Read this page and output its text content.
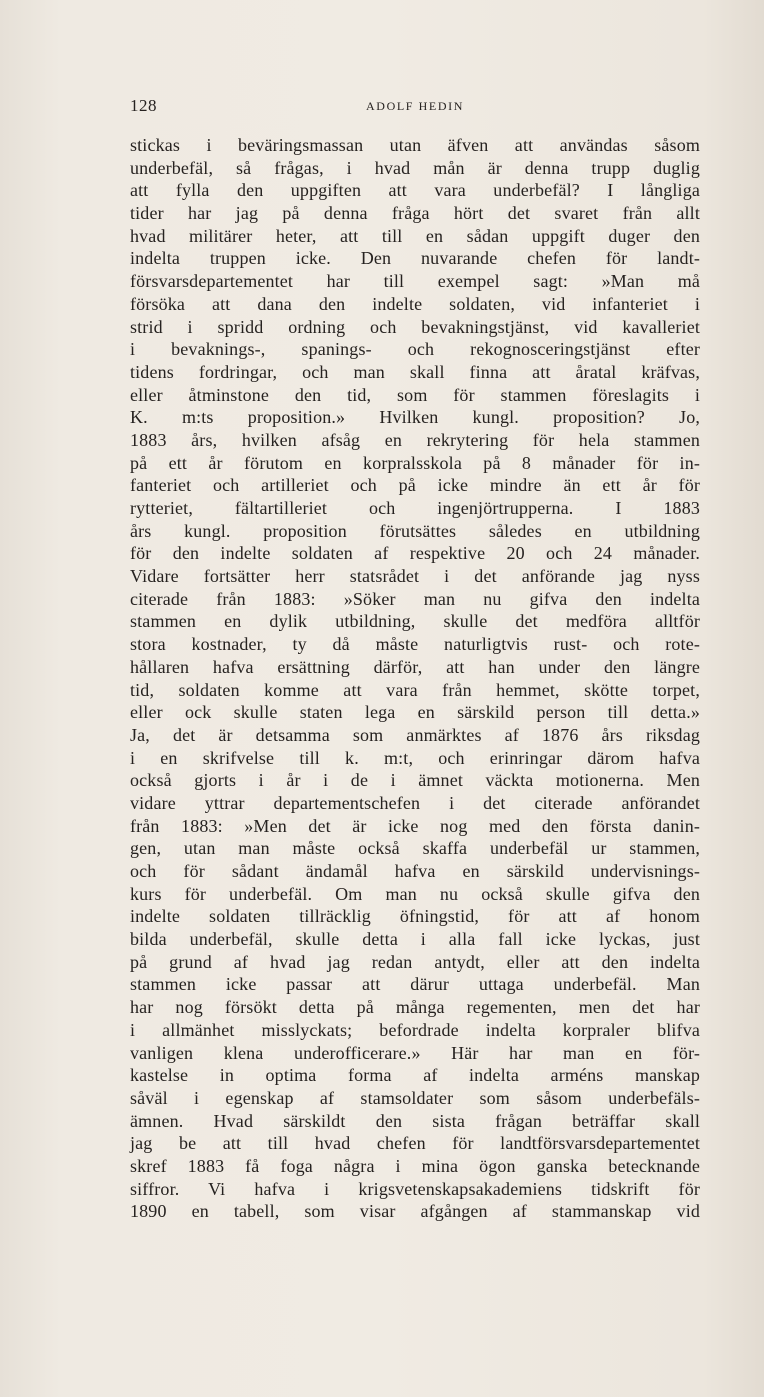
128	ADOLF HEDIN
stickas i beväringsmassan utan äfven att användas såsom
underbefäl, så frågas, i hvad mån är denna trupp duglig
att fylla den uppgiften att vara underbefäl? I långliga
tider har jag på denna fråga hört det svaret från allt
hvad militärer heter, att till en sådan uppgift duger den
indelta truppen icke. Den nuvarande chefen för landt-
försvarsdepartementet har till exempel sagt: »Man må
försöka att dana den indelte soldaten, vid infanteriet i
strid i spridd ordning och bevakningstjänst, vid kavalleriet
i bevaknings-, spanings- och rekognosceringstjänst efter
tidens fordringar, och man skall finna att åratal kräfvas,
eller åtminstone den tid, som för stammen föreslagits i
K. m:ts proposition.» Hvilken kungl. proposition? Jo,
1883 års, hvilken afsåg en rekrytering för hela stammen
på ett år förutom en korpralsskola på 8 månader för in-
fanteriet och artilleriet och på icke mindre än ett år för
rytteriet, fältartilleriet och ingenjörtrupperna. I 1883
års kungl. proposition förutsättes således en utbildning
för den indelte soldaten af respektive 20 och 24 månader.
Vidare fortsätter herr statsrådet i det anförande jag nyss
citerade från 1883: »Söker man nu gifva den indelta
stammen en dylik utbildning, skulle det medföra alltför
stora kostnader, ty då måste naturligtvis rust- och rote-
hållaren hafva ersättning därför, att han under den längre
tid, soldaten komme att vara från hemmet, skötte torpet,
eller ock skulle staten lega en särskild person till detta.»
Ja, det är detsamma som anmärktes af 1876 års riksdag
i en skrifvelse till k. m:t, och erinringar därom hafva
också gjorts i år i de i ämnet väckta motionerna. Men
vidare yttrar departementschefen i det citerade anförandet
från 1883: »Men det är icke nog med den första danin-
gen, utan man måste också skaffa underbefäl ur stammen,
och för sådant ändamål hafva en särskild undervisnings-
kurs för underbefäl. Om man nu också skulle gifva den
indelte soldaten tillräcklig öfningstid, för att af honom
bilda underbefäl, skulle detta i alla fall icke lyckas, just
på grund af hvad jag redan antydt, eller att den indelta
stammen icke passar att därur uttaga underbefäl. Man
har nog försökt detta på många regementen, men det har
i allmänhet misslyckats; befordrade indelta korpraler blifva
vanligen klena underofficerare.» Här har man en för-
kastelse in optima forma af indelta arméns manskap
såväl i egenskap af stamsoldater som såsom underbefäls-
ämnen. Hvad särskildt den sista frågan beträffar skall
jag be att till hvad chefen för landtförsvarsdepartementet
skref 1883 få foga några i mina ögon ganska betecknande
siffror. Vi hafva i krigsvetenskapsakademiens tidskrift för
1890 en tabell, som visar afgången af stammanskap vid
